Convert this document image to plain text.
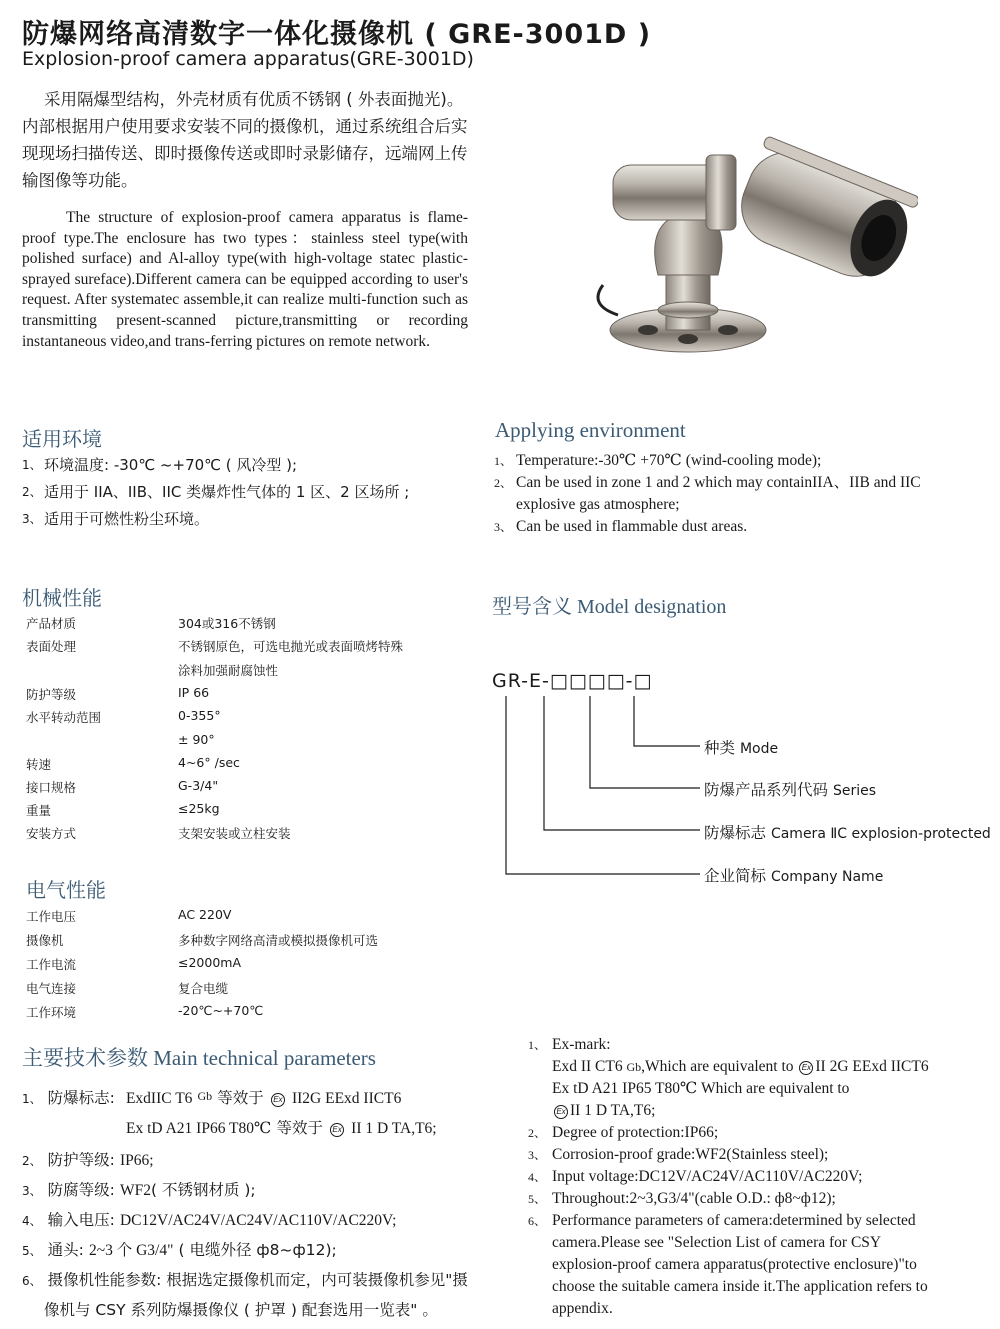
防爆网络高清数字一体化摄像机 ( GRE-3001D )
Explosion-proof camera apparatus(GRE-3001D)

采用隔爆型结构，外壳材质有优质不锈钢 ( 外表面抛光)。内部根据用户使用要求安装不同的摄像机，通过系统组合后实现现场扫描传送、即时摄像传送或即时录影储存，远端网上传输图像等功能。

The structure of explosion-proof camera apparatus is flame-proof type.The enclosure has two types：stainless steel type(with polished surface) and Al-alloy type(with high-voltage statec plastic-sprayed sureface).Different camera can be equipped according to user's request. After systematec assemble,it can realize multi-function such as transmitting present-scanned picture,transmitting or recording instantaneous video,and trans-ferring pictures on remote network.

适用环境
1、 环境温度: -30℃ ~+70℃ ( 风冷型 );
2、 适用于 IIA、IIB、IIC 类爆炸性气体的 1 区、2 区场所 ;
3、 适用于可燃性粉尘环境。
Applying environment
1、 Temperature:-30℃ +70℃ (wind-cooling mode);
2、 Can be used in zone 1 and 2 which may containIIA、IIB and IIC explosive gas atmosphere;
3、 Can be used in flammable dust areas.
机械性能
产品材质	304或316不锈钢
表面处理	不锈钢原色，可选电抛光或表面喷烤特殊
涂料加强耐腐蚀性
防护等级	IP 66
水平转动范围	0-355°
± 90°
转速	4~6° /sec
接口规格	G-3/4"
重量	≤25kg
安装方式	支架安装或立柱安装
型号含义 Model designation
GR-E-□□□□-□
种类 Mode
防爆产品系列代码 Series
防爆标志 Camera ⅡC explosion-protected
企业简标 Company Name
电气性能
工作电压	AC 220V
摄像机	多种数字网络高清或模拟摄像机可选
工作电流	≤2000mA
电气连接	复合电缆
工作环境	-20℃~+70℃
主要技术参数 Main technical parameters
1、 防爆标志: ExdIIC T6 Gb 等效于 Ex II2G EExd IICT6
Ex tD A21 IP66 T80℃ 等效于 Ex II 1 D TA,T6;
2、 防护等级: IP66;
3、 防腐等级: WF2( 不锈钢材质 );
4、 输入电压: DC12V/AC24V/AC24V/AC110V/AC220V;
5、 通头: 2~3 个 G3/4" ( 电缆外径 ф8~ф12);
6、 摄像机性能参数: 根据选定摄像机而定，内可装摄像机参见"摄
像机与 CSY 系列防爆摄像仪 ( 护罩 ) 配套选用一览表" 。
1、 Ex-mark:
Exd II CT6 Gb,Which are equivalent to Ex II 2G EExd IICT6
Ex tD A21 IP65 T80℃ Which are equivalent to
Ex II 1 D TA,T6;
2、 Degree of protection:IP66;
3、 Corrosion-proof grade:WF2(Stainless steel);
4、 Input voltage:DC12V/AC24V/AC110V/AC220V;
5、 Throughout:2~3,G3/4"(cable O.D.: ф8~ф12);
6、 Performance parameters of camera:determined by selected camera.Please see "Selection List of camera for CSY explosion-proof camera apparatus(protective enclosure)"to choose the suitable camera inside it.The application refers to appendix.
